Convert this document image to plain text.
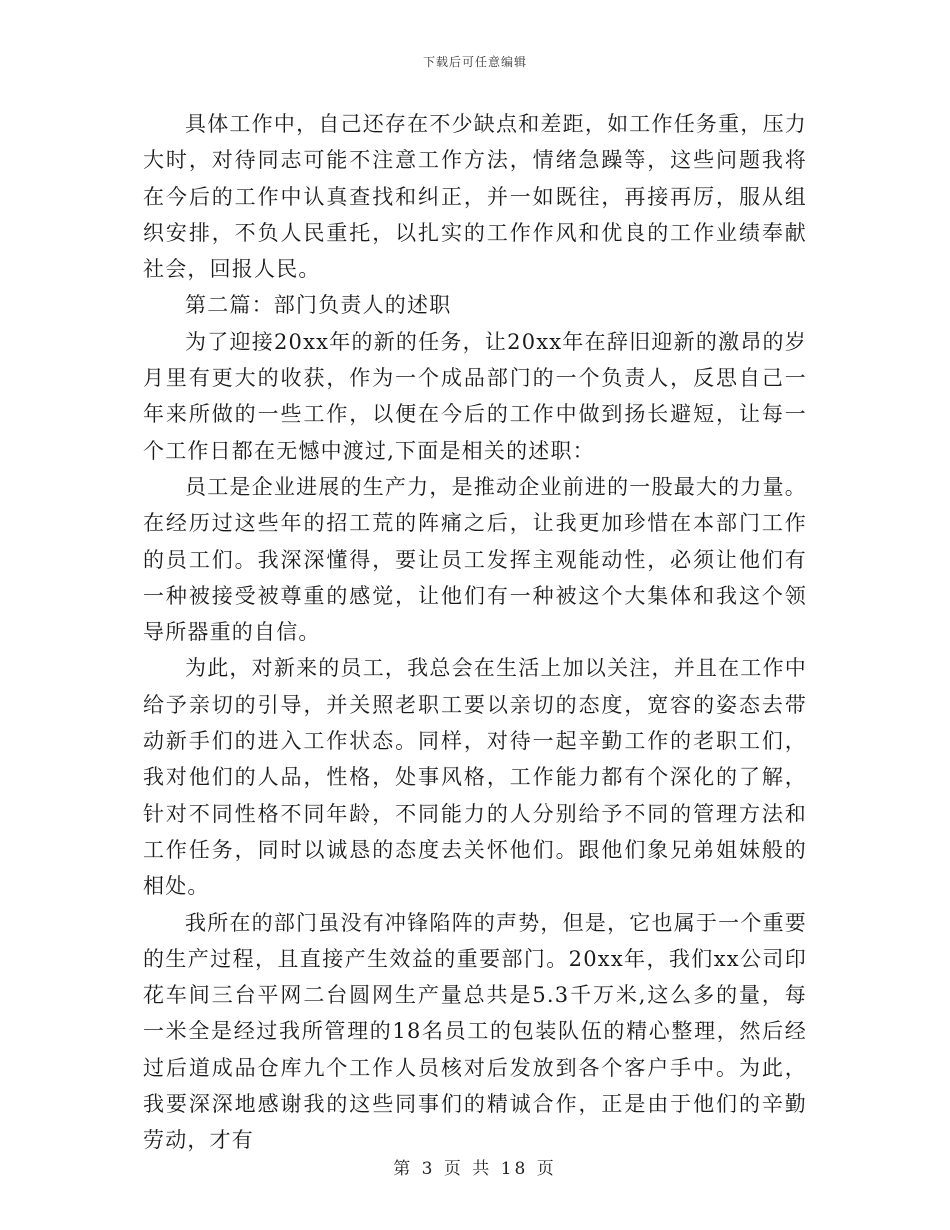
下载后可任意编辑

具体工作中，自己还存在不少缺点和差距，如工作任务重，压力大时，对待同志可能不注意工作方法，情绪急躁等，这些问题我将在今后的工作中认真查找和纠正，并一如既往，再接再厉，服从组织安排，不负人民重托，以扎实的工作作风和优良的工作业绩奉献社会，回报人民。

第二篇：部门负责人的述职

为了迎接20xx年的新的任务，让20xx年在辞旧迎新的激昂的岁月里有更大的收获，作为一个成品部门的一个负责人，反思自己一年来所做的一些工作，以便在今后的工作中做到扬长避短，让每一个工作日都在无憾中渡过,下面是相关的述职：

员工是企业进展的生产力，是推动企业前进的一股最大的力量。在经历过这些年的招工荒的阵痛之后，让我更加珍惜在本部门工作的员工们。我深深懂得，要让员工发挥主观能动性，必须让他们有一种被接受被尊重的感觉，让他们有一种被这个大集体和我这个领导所器重的自信。

为此，对新来的员工，我总会在生活上加以关注，并且在工作中给予亲切的引导，并关照老职工要以亲切的态度，宽容的姿态去带动新手们的进入工作状态。同样，对待一起辛勤工作的老职工们，我对他们的人品，性格，处事风格，工作能力都有个深化的了解，针对不同性格不同年龄，不同能力的人分别给予不同的管理方法和工作任务，同时以诚恳的态度去关怀他们。跟他们象兄弟姐妹般的相处。

我所在的部门虽没有冲锋陷阵的声势，但是，它也属于一个重要的生产过程，且直接产生效益的重要部门。20xx年，我们xx公司印花车间三台平网二台圆网生产量总共是5.3千万米,这么多的量，每一米全是经过我所管理的18名员工的包装队伍的精心整理，然后经过后道成品仓库九个工作人员核对后发放到各个客户手中。为此，我要深深地感谢我的这些同事们的精诚合作，正是由于他们的辛勤劳动，才有

第 3 页 共 18 页
